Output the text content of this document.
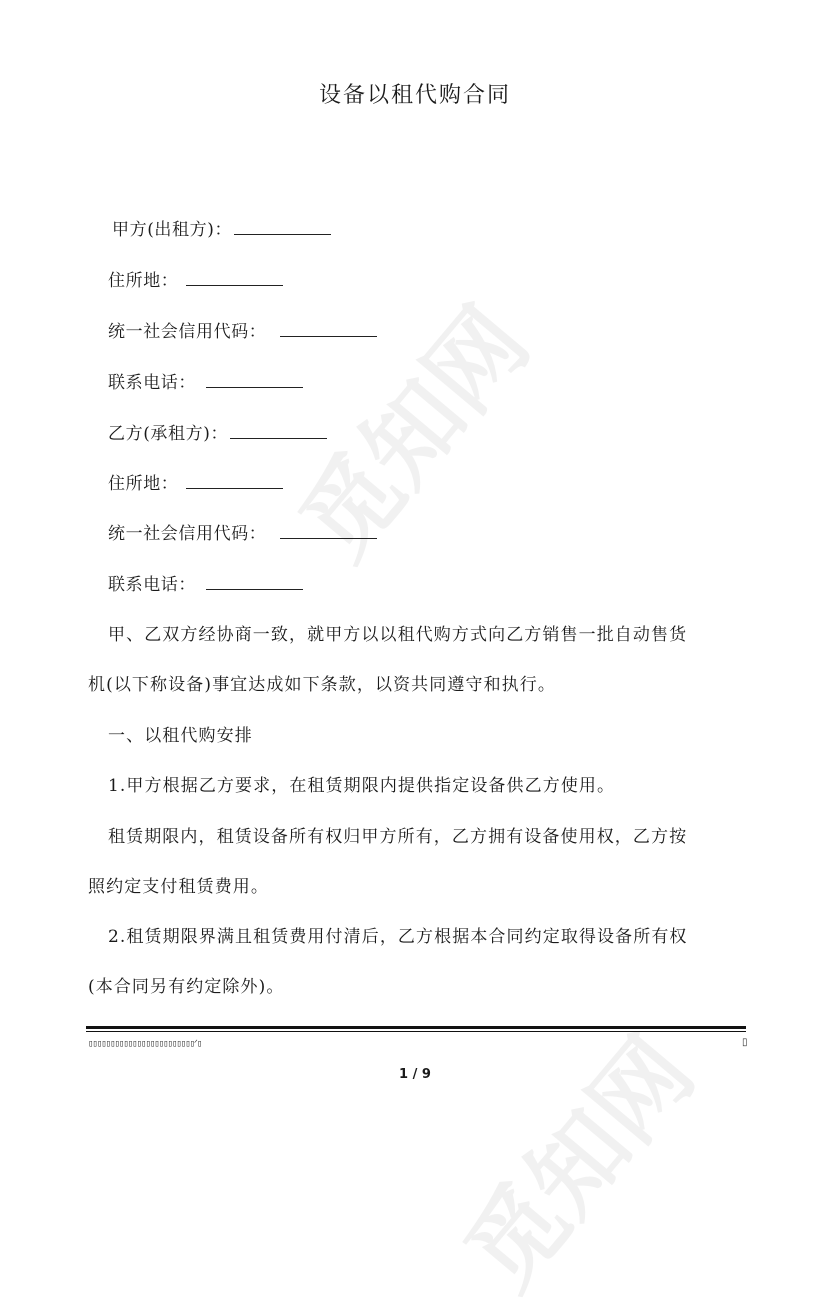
觅知网
觅知网
设备以租代购合同
甲方(出租方)：
住所地：
统一社会信用代码：
联系电话：
乙方(承租方)：
住所地：
统一社会信用代码：
联系电话：
甲、乙双方经协商一致，就甲方以以租代购方式向乙方销售一批自动售货
机(以下称设备)事宜达成如下条款，以资共同遵守和执行。
一、以租代购安排
1.甲方根据乙方要求，在租赁期限内提供指定设备供乙方使用。
租赁期限内，租赁设备所有权归甲方所有，乙方拥有设备使用权，乙方按
照约定支付租赁费用。
2.租赁期限界满且租赁费用付清后，乙方根据本合同约定取得设备所有权
(本合同另有约定除外)。
▯▯▯▯▯▯▯▯▯▯▯▯▯▯▯▯▯▯▯▯▯▯▯▯ᐟ▯	▯
1 / 9
